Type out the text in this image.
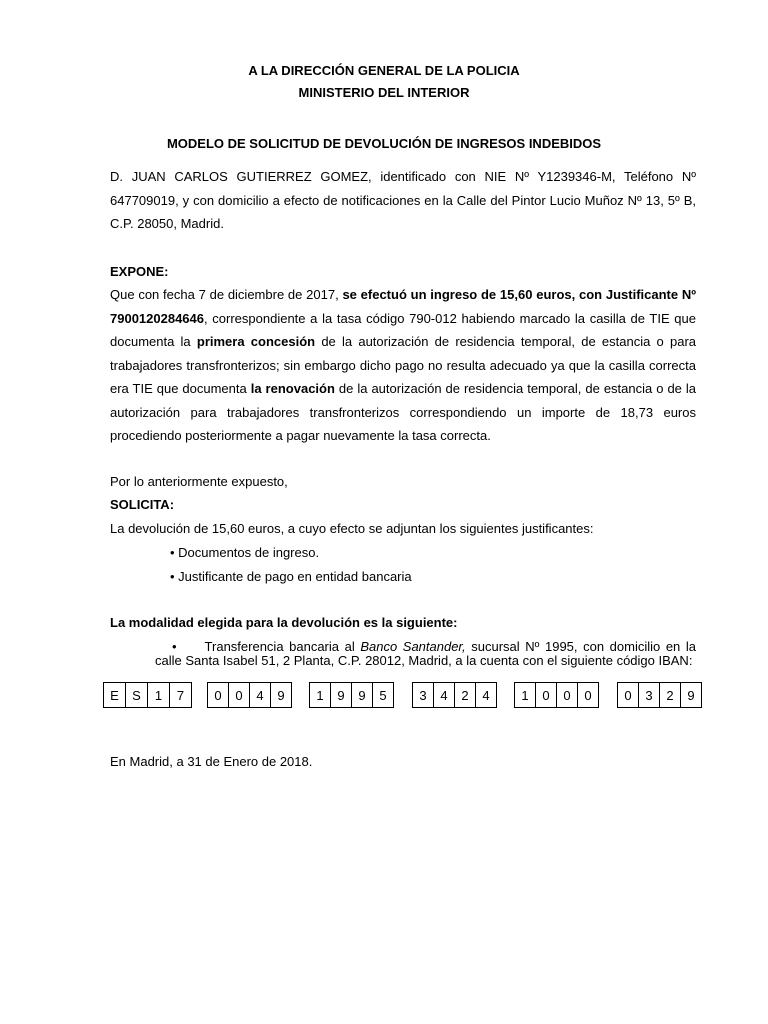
A LA DIRECCIÓN GENERAL DE LA POLICIA
MINISTERIO DEL INTERIOR
MODELO DE SOLICITUD DE DEVOLUCIÓN DE INGRESOS INDEBIDOS
D. JUAN CARLOS GUTIERREZ GOMEZ, identificado con NIE Nº Y1239346-M, Teléfono Nº 647709019, y con domicilio a efecto de notificaciones en la Calle del Pintor Lucio Muñoz Nº 13, 5º B, C.P. 28050, Madrid.
EXPONE:
Que con fecha 7 de diciembre de 2017, se efectuó un ingreso de 15,60 euros, con Justificante Nº 7900120284646, correspondiente a la tasa código 790-012 habiendo marcado la casilla de TIE que documenta la primera concesión de la autorización de residencia temporal, de estancia o para trabajadores transfronterizos; sin embargo dicho pago no resulta adecuado ya que la casilla correcta era TIE que documenta la renovación de la autorización de residencia temporal, de estancia o de la autorización para trabajadores transfronterizos correspondiendo un importe de 18,73 euros procediendo posteriormente a pagar nuevamente la tasa correcta.
Por lo anteriormente expuesto,
SOLICITA:
La devolución de 15,60 euros, a cuyo efecto se adjuntan los siguientes justificantes:
• Documentos de ingreso.
• Justificante de pago en entidad bancaria
La modalidad elegida para la devolución es la siguiente:
• Transferencia bancaria al Banco Santander, sucursal Nº 1995, con domicilio en la
calle Santa Isabel 51, 2 Planta, C.P. 28012, Madrid, a la cuenta con el siguiente código IBAN:
E	S	1	7	0	0	4	9	1	9	9	5	3	4	2	4	1	0	0	0	0	3	2	9
En Madrid, a 31 de Enero de 2018.
